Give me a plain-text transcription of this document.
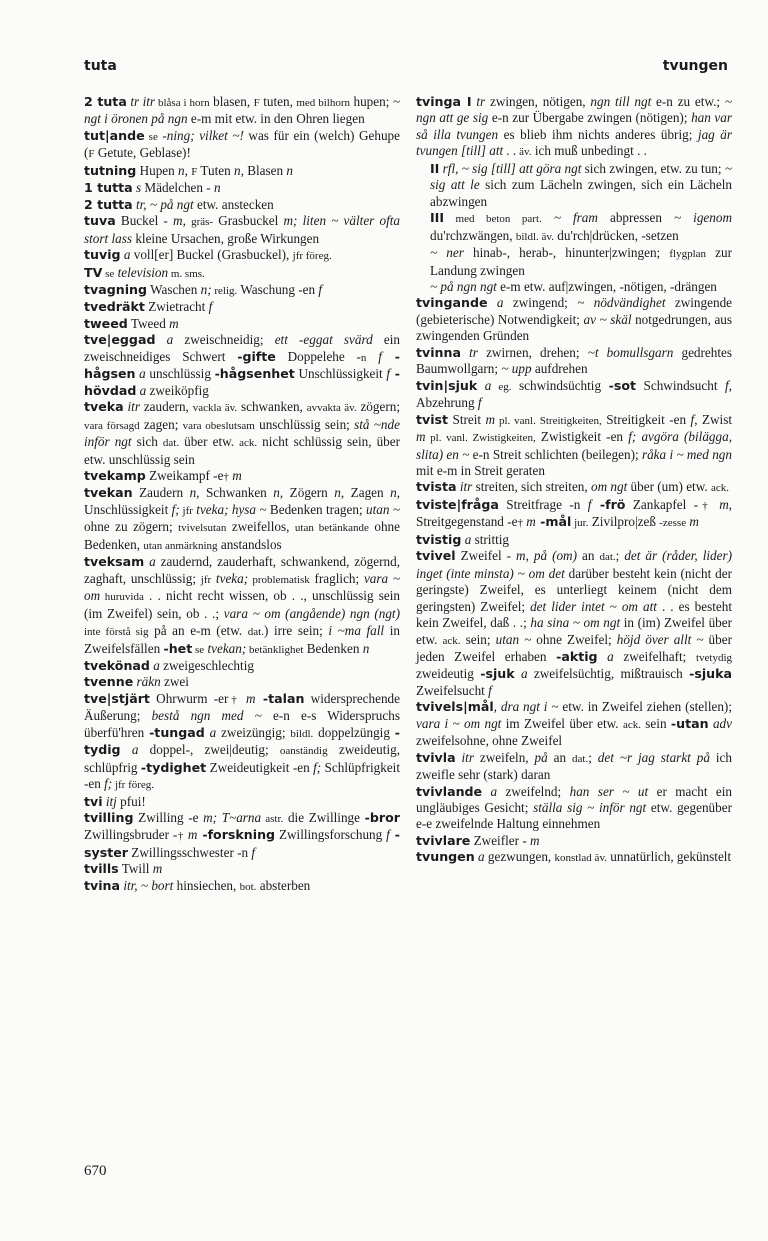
tuta	tvungen

2 tuta tr itr blåsa i horn blasen, F tuten, med bilhorn hupen; ~ ngt i öronen på ngn e-m mit etw. in den Ohren liegen

tut|ande se -ning; vilket ~! was für ein (welch) Gehupe (F Getute, Geblase)!

tutning Hupen n, F Tuten n, Blasen n

1 tutta s Mädelchen - n

2 tutta tr, ~ på ngt etw. anstecken

tuva Buckel - m, gräs- Grasbuckel m; liten ~ välter ofta stort lass kleine Ursachen, große Wirkungen

tuvig a voll[er] Buckel (Grasbuckel), jfr föreg.

TV se television m. sms.

tvagning Waschen n; relig. Waschung -en f

tvedräkt Zwietracht f

tweed Tweed m

tve|eggad a zweischneidig; ett -eggat svärd ein zweischneidiges Schwert -gifte Doppelehe -n f -hågsen a unschlüssig -hågsenhet Unschlüssigkeit f -hövdad a zweiköpfig

tveka itr zaudern, vackla äv. schwanken, avvakta äv. zögern; vara försagd zagen; vara obeslutsam unschlüssig sein; stå ~nde inför ngt sich dat. über etw. ack. nicht schlüssig sein, über etw. unschlüssig sein

tvekamp Zweikampf -e† m

tvekan Zaudern n, Schwanken n, Zögern n, Zagen n, Unschlüssigkeit f; jfr tveka; hysa ~ Bedenken tragen; utan ~ ohne zu zögern; tvivelsutan zweifellos, utan betänkande ohne Bedenken, utan anmärkning anstandslos

tveksam a zaudernd, zauderhaft, schwankend, zögernd, zaghaft, unschlüssig; jfr tveka; problematisk fraglich; vara ~ om huruvida . . nicht recht wissen, ob . ., unschlüssig sein (im Zweifel) sein, ob . .; vara ~ om (angående) ngn (ngt) inte förstå sig på an e-m (etw. dat.) irre sein; i ~ma fall in Zweifelsfällen -het se tvekan; betänklighet Bedenken n

tvekönad a zweigeschlechtig

tvenne räkn zwei

tve|stjärt Ohrwurm -er† m -talan widersprechende Äußerung; bestå ngn med ~ e-n e-s Widerspruchs überfü'hren -tungad a zweizüngig; bildl. doppelzüngig -tydig a doppel-, zwei|deutig; oanständig zweideutig, schlüpfrig -tydighet Zweideutigkeit -en f; Schlüpfrigkeit -en f; jfr föreg.

tvi itj pfui!

tvilling Zwilling -e m; T~arna astr. die Zwillinge -bror Zwillingsbruder -† m -forskning Zwillingsforschung f -syster Zwillingsschwester -n f

tvills Twill m

tvina itr, ~ bort hinsiechen, bot. absterben

tvinga I tr zwingen, nötigen, ngn till ngt e-n zu etw.; ~ ngn att ge sig e-n zur Übergabe zwingen (nötigen); han var så illa tvungen es blieb ihm nichts anderes übrig; jag är tvungen [till] att . . äv. ich muß unbedingt . .

II rfl, ~ sig [till] att göra ngt sich zwingen, etw. zu tun; ~ sig att le sich zum Lächeln zwingen, sich ein Lächeln abzwingen

III med beton part. ~ fram abpressen ~ igenom du'rchzwängen, bildl. äv. du'rch|drücken, -setzen

~ ner hinab-, herab-, hinunter|zwingen; flygplan zur Landung zwingen

~ på ngn ngt e-m etw. auf|zwingen, -nötigen, -drängen

tvingande a zwingend; ~ nödvändighet zwingende (gebieterische) Notwendigkeit; av ~ skäl notgedrungen, aus zwingenden Gründen

tvinna tr zwirnen, drehen; ~t bomullsgarn gedrehtes Baumwollgarn; ~ upp aufdrehen

tvin|sjuk a eg. schwindsüchtig -sot Schwindsucht f, Abzehrung f

tvist Streit m pl. vanl. Streitigkeiten, Streitigkeit -en f, Zwist m pl. vanl. Zwistigkeiten, Zwistigkeit -en f; avgöra (bilägga, slita) en ~ e-n Streit schlichten (beilegen); råka i ~ med ngn mit e-m in Streit geraten

tvista itr streiten, sich streiten, om ngt über (um) etw. ack.

tviste|fråga Streitfrage -n f -frö Zankapfel -† m, Streitgegenstand -e† m -mål jur. Zivilpro|zeß -zesse m

tvistig a strittig

tvivel Zweifel - m, på (om) an dat.; det är (råder, lider) inget (inte minsta) ~ om det darüber besteht kein (nicht der geringste) Zweifel, es unterliegt keinem (nicht dem geringsten) Zweifel; det lider intet ~ om att . . es besteht kein Zweifel, daß . .; ha sina ~ om ngt in (im) Zweifel über etw. ack. sein; utan ~ ohne Zweifel; höjd över allt ~ über jeden Zweifel erhaben -aktig a zweifelhaft; tvetydig zweideutig -sjuk a zweifelsüchtig, mißtrauisch -sjuka Zweifelsucht f

tvivels|mål, dra ngt i ~ etw. in Zweifel ziehen (stellen); vara i ~ om ngt im Zweifel über etw. ack. sein -utan adv zweifelsohne, ohne Zweifel

tvivla itr zweifeln, på an dat.; det ~r jag starkt på ich zweifle sehr (stark) daran

tvivlande a zweifelnd; han ser ~ ut er macht ein ungläubiges Gesicht; ställa sig ~ inför ngt etw. gegenüber e-e zweifelnde Haltung einnehmen

tvivlare Zweifler - m

tvungen a gezwungen, konstlad äv. unnatürlich, gekünstelt

670
